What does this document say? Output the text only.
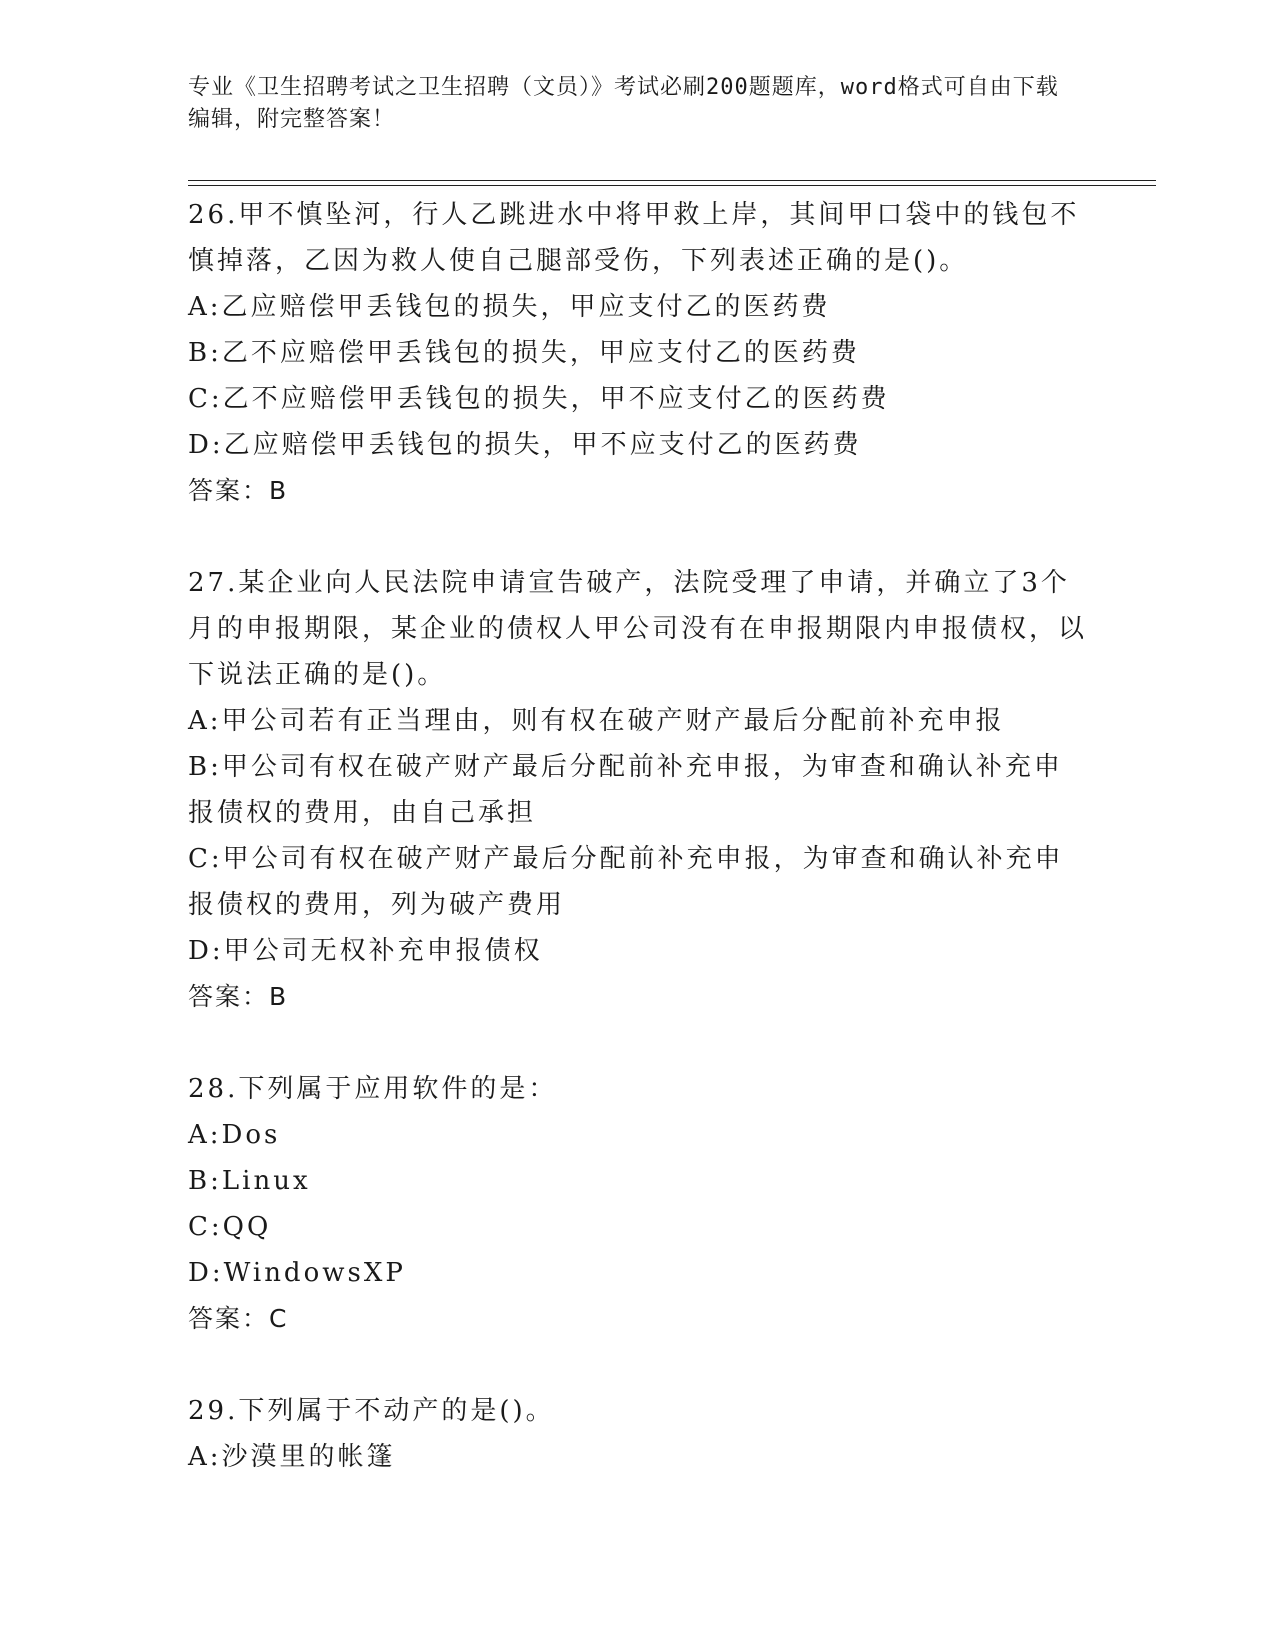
专业《卫生招聘考试之卫生招聘（文员）》考试必刷200题题库，word格式可自由下载编辑，附完整答案！

26.甲不慎坠河，行人乙跳进水中将甲救上岸，其间甲口袋中的钱包不慎掉落，乙因为救人使自己腿部受伤，下列表述正确的是()。

A:乙应赔偿甲丢钱包的损失，甲应支付乙的医药费

B:乙不应赔偿甲丢钱包的损失，甲应支付乙的医药费

C:乙不应赔偿甲丢钱包的损失，甲不应支付乙的医药费

D:乙应赔偿甲丢钱包的损失，甲不应支付乙的医药费

答案：B

27.某企业向人民法院申请宣告破产，法院受理了申请，并确立了3个月的申报期限，某企业的债权人甲公司没有在申报期限内申报债权，以下说法正确的是()。

A:甲公司若有正当理由，则有权在破产财产最后分配前补充申报

B:甲公司有权在破产财产最后分配前补充申报，为审查和确认补充申报债权的费用，由自己承担

C:甲公司有权在破产财产最后分配前补充申报，为审查和确认补充申报债权的费用，列为破产费用

D:甲公司无权补充申报债权

答案：B

28.下列属于应用软件的是：

A:Dos

B:Linux

C:QQ

D:WindowsXP

答案：C

29.下列属于不动产的是()。

A:沙漠里的帐篷
